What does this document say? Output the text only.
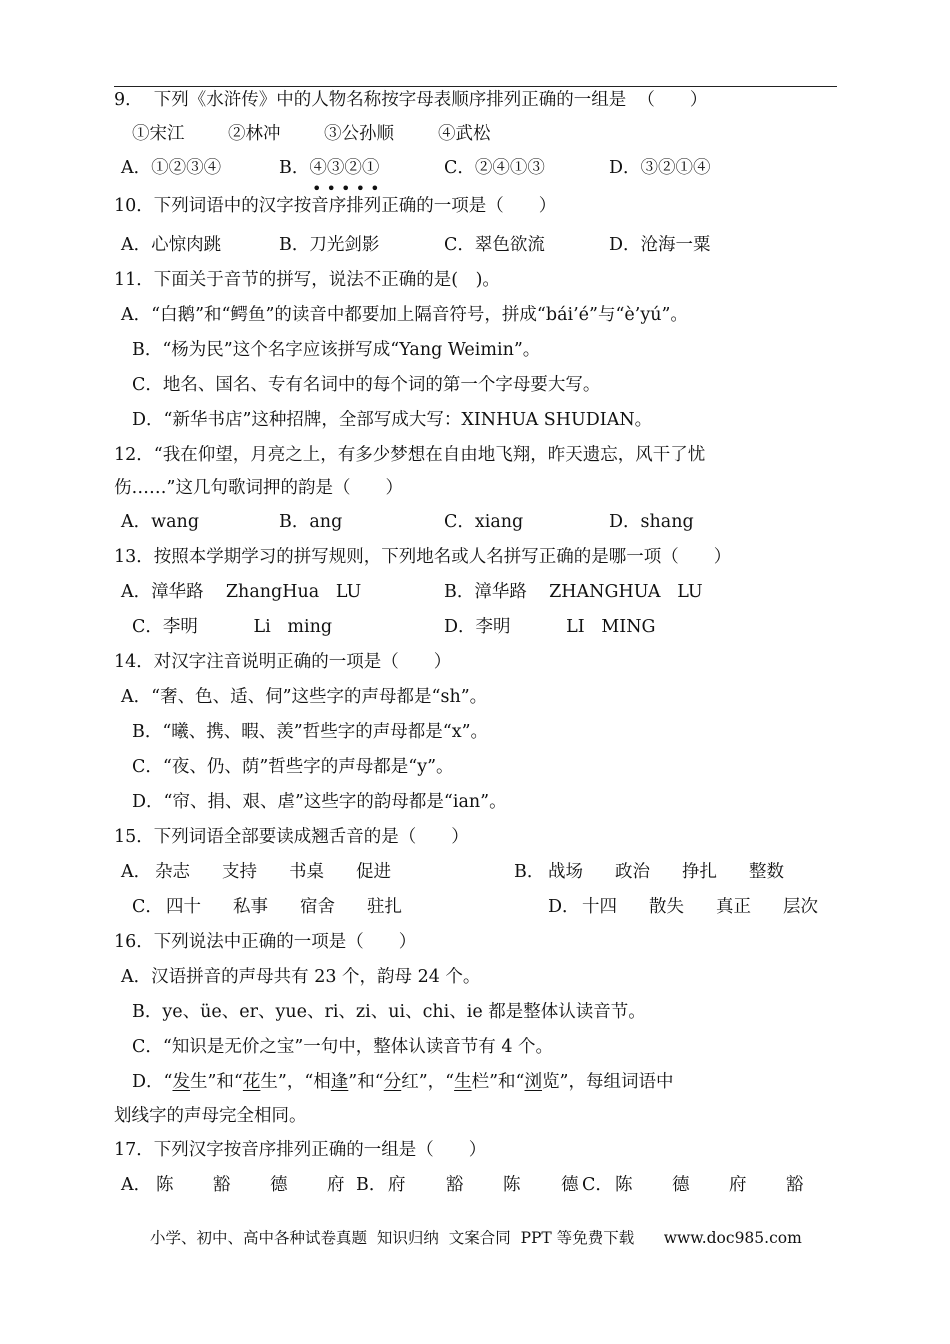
9．  下列《水浒传》中的人物名称按字母表顺序排列正确的一组是  （　　）
①宋江 ②林冲 ③公孙顺	④武松
A．①②③④	B．④③②①	C．②④①③	D．③②①④
• • • • •
10．下列词语中的汉字按音序排列正确的一项是（　　）
A．心惊肉跳	B．刀光剑影	C．翠色欲流	D．沧海一粟
11．下面关于音节的拼写，说法不正确的是(　)。
A．“白鹅”和“鳄鱼”的读音中都要加上隔音符号，拼成“bái’é”与“è’yú”。
B．“杨为民”这个名字应该拼写成“Yang Weimin”。
C．地名、国名、专有名词中的每个词的第一个字母要大写。
D．“新华书店”这种招牌，全部写成大写：XINHUA SHUDIAN。
12．“我在仰望，月亮之上，有多少梦想在自由地飞翔，昨天遗忘，风干了忧
伤……”这几句歌词押的韵是（　　）
A．wang	B．ang	C．xiang	D．shang
13．按照本学期学习的拼写规则，下列地名或人名拼写正确的是哪一项（　　）
A．漳华路    ZhangHua   LU	B．漳华路    ZHANGHUA   LU
C．李明          Li   ming	D．李明          LI   MING
14．对汉字注音说明正确的一项是（　　）
A．“奢、色、适、伺”这些字的声母都是“sh”。
B．“曦、携、暇、羡”哲些字的声母都是“x”。
C．“夜、仍、荫”哲些字的声母都是“y”。
D．“帘、捐、艰、虐”这些字的韵母都是“ian”。
15．下列词语全部要读成翘舌音的是（　　）
A． 杂志 支持 书桌 促进	B． 战场 政治 挣扎 整数
C． 四十 私事 宿舍 驻扎	D． 十四 散失 真正 层次
16．下列说法中正确的一项是（　　）
A．汉语拼音的声母共有 23 个，韵母 24 个。
B．ye、üe、er、yue、ri、zi、ui、chi、ie 都是整体认读音节。
C．“知识是无价之宝”一句中，整体认读音节有 4 个。
D．“发生”和“花生”，“相逢”和“分红”，“生栏”和“浏览”，每组词语中
划线字的声母完全相同。
17．下列汉字按音序排列正确的一组是（　　）
A． 陈 豁 德 府 B． 府 豁 陈 德 C． 陈 德 府 豁
小学、初中、高中各种试卷真题  知识归纳  文案合同  PPT 等免费下载      www.doc985.com
